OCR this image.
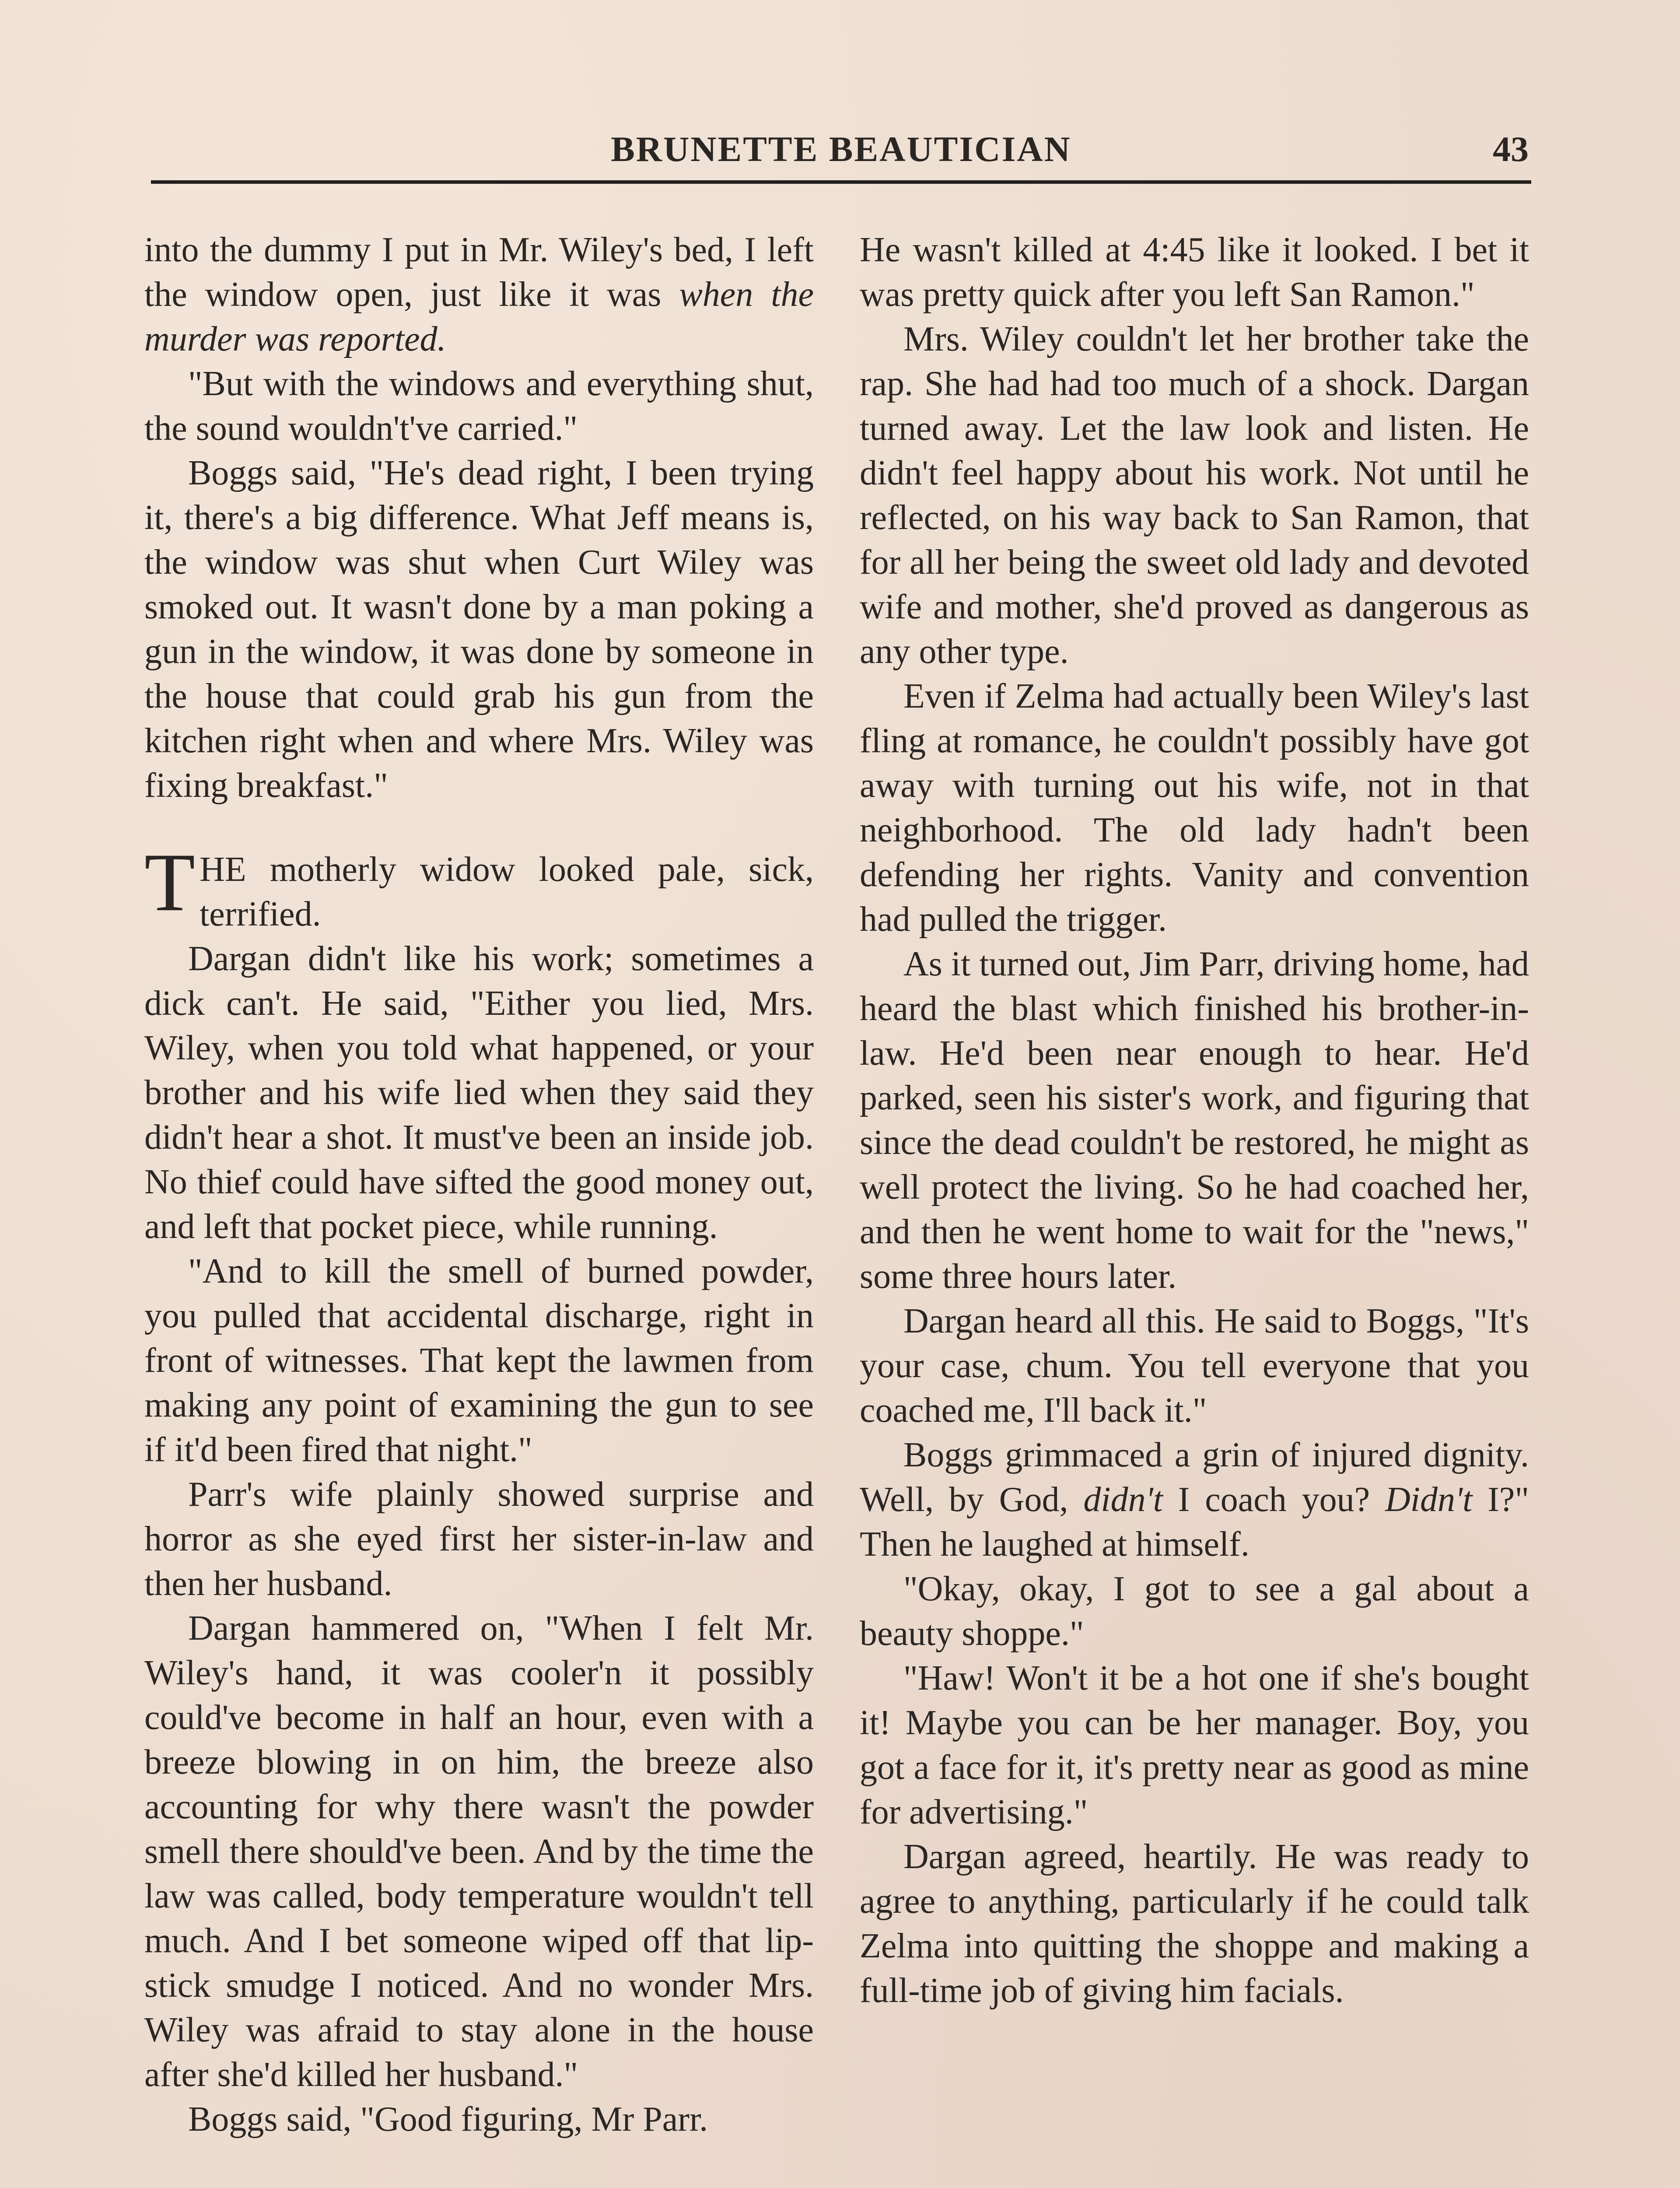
BRUNETTE BEAUTICIAN	43

into the dummy I put in Mr. Wiley's bed, I left the window open, just like it was when the murder was reported.

"But with the windows and everything shut, the sound wouldn't've carried."

Boggs said, "He's dead right, I been trying it, there's a big difference. What Jeff means is, the window was shut when Curt Wiley was smoked out. It wasn't done by a man poking a gun in the window, it was done by someone in the house that could grab his gun from the kitchen right when and where Mrs. Wiley was fixing breakfast."

THE motherly widow looked pale, sick, terrified.

Dargan didn't like his work; sometimes a dick can't. He said, "Either you lied, Mrs. Wiley, when you told what happened, or your brother and his wife lied when they said they didn't hear a shot. It must've been an inside job. No thief could have sifted the good money out, and left that pocket piece, while running.

"And to kill the smell of burned powder, you pulled that accidental discharge, right in front of witnesses. That kept the lawmen from making any point of examining the gun to see if it'd been fired that night."

Parr's wife plainly showed surprise and horror as she eyed first her sister-in-law and then her husband.

Dargan hammered on, "When I felt Mr. Wiley's hand, it was cooler'n it possibly could've become in half an hour, even with a breeze blowing in on him, the breeze also accounting for why there wasn't the powder smell there should've been. And by the time the law was called, body temperature wouldn't tell much. And I bet someone wiped off that lipstick smudge I noticed. And no wonder Mrs. Wiley was afraid to stay alone in the house after she'd killed her husband."

Boggs said, "Good figuring, Mr Parr.

He wasn't killed at 4:45 like it looked. I bet it was pretty quick after you left San Ramon."

Mrs. Wiley couldn't let her brother take the rap. She had had too much of a shock. Dargan turned away. Let the law look and listen. He didn't feel happy about his work. Not until he reflected, on his way back to San Ramon, that for all her being the sweet old lady and devoted wife and mother, she'd proved as dangerous as any other type.

Even if Zelma had actually been Wiley's last fling at romance, he couldn't possibly have got away with turning out his wife, not in that neighborhood. The old lady hadn't been defending her rights. Vanity and convention had pulled the trigger.

As it turned out, Jim Parr, driving home, had heard the blast which finished his brother-in-law. He'd been near enough to hear. He'd parked, seen his sister's work, and figuring that since the dead couldn't be restored, he might as well protect the living. So he had coached her, and then he went home to wait for the "news," some three hours later.

Dargan heard all this. He said to Boggs, "It's your case, chum. You tell everyone that you coached me, I'll back it."

Boggs grimmaced a grin of injured dignity. Well, by God, didn't I coach you? Didn't I?" Then he laughed at himself.

"Okay, okay, I got to see a gal about a beauty shoppe."

"Haw! Won't it be a hot one if she's bought it! Maybe you can be her manager. Boy, you got a face for it, it's pretty near as good as mine for advertising."

Dargan agreed, heartily. He was ready to agree to anything, particularly if he could talk Zelma into quitting the shoppe and making a full-time job of giving him facials.
